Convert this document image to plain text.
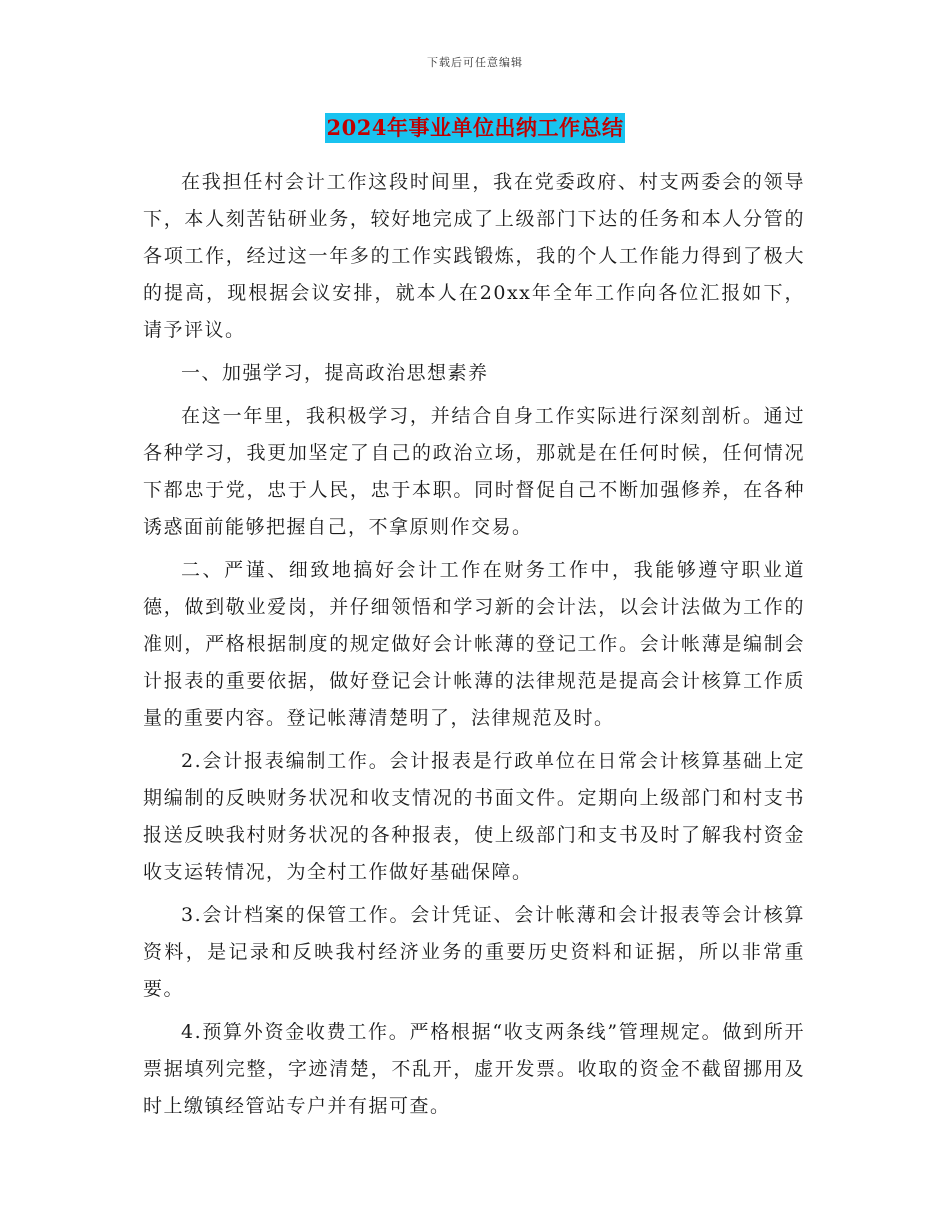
下载后可任意编辑
2024年事业单位出纳工作总结

在我担任村会计工作这段时间里，我在党委政府、村支两委会的领导下，本人刻苦钻研业务，较好地完成了上级部门下达的任务和本人分管的各项工作，经过这一年多的工作实践锻炼，我的个人工作能力得到了极大的提高，现根据会议安排，就本人在20xx年全年工作向各位汇报如下，请予评议。

一、加强学习，提高政治思想素养

在这一年里，我积极学习，并结合自身工作实际进行深刻剖析。通过各种学习，我更加坚定了自己的政治立场，那就是在任何时候，任何情况下都忠于党，忠于人民，忠于本职。同时督促自己不断加强修养，在各种诱惑面前能够把握自己，不拿原则作交易。

二、严谨、细致地搞好会计工作在财务工作中，我能够遵守职业道德，做到敬业爱岗，并仔细领悟和学习新的会计法，以会计法做为工作的准则，严格根据制度的规定做好会计帐薄的登记工作。会计帐薄是编制会计报表的重要依据，做好登记会计帐薄的法律规范是提高会计核算工作质量的重要内容。登记帐薄清楚明了，法律规范及时。

2.会计报表编制工作。会计报表是行政单位在日常会计核算基础上定期编制的反映财务状况和收支情况的书面文件。定期向上级部门和村支书报送反映我村财务状况的各种报表，使上级部门和支书及时了解我村资金收支运转情况，为全村工作做好基础保障。

3.会计档案的保管工作。会计凭证、会计帐薄和会计报表等会计核算资料，是记录和反映我村经济业务的重要历史资料和证据，所以非常重要。

4.预算外资金收费工作。严格根据“收支两条线”管理规定。做到所开票据填列完整，字迹清楚，不乱开，虚开发票。收取的资金不截留挪用及时上缴镇经管站专户并有据可查。
